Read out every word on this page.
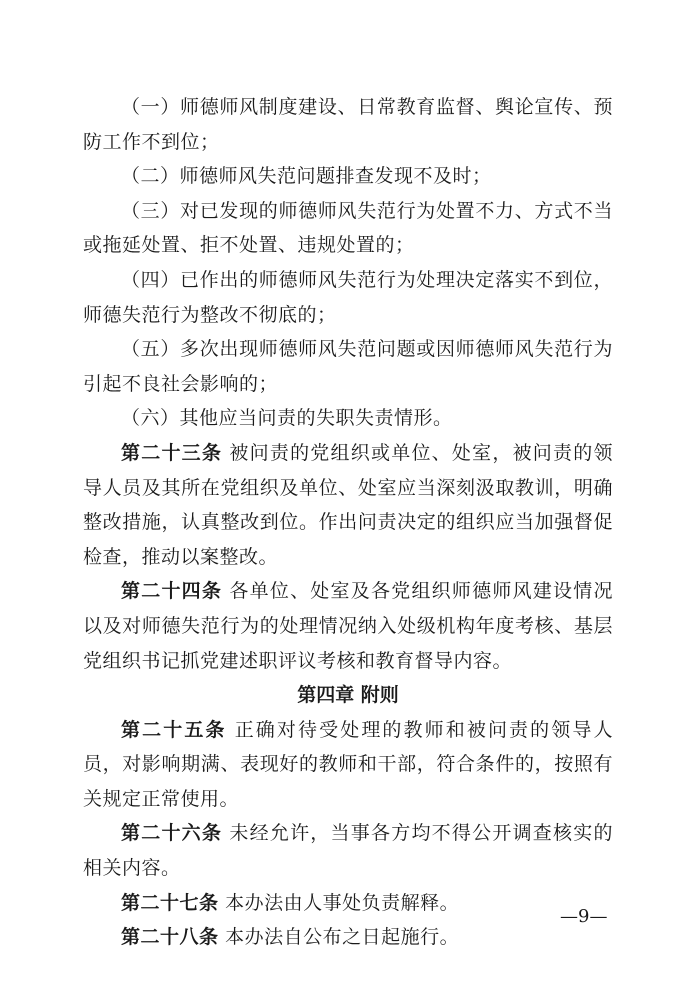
（一）师德师风制度建设、日常教育监督、舆论宣传、预防工作不到位；

（二）师德师风失范问题排查发现不及时；

（三）对已发现的师德师风失范行为处置不力、方式不当或拖延处置、拒不处置、违规处置的；

（四）已作出的师德师风失范行为处理决定落实不到位，师德失范行为整改不彻底的；

（五）多次出现师德师风失范问题或因师德师风失范行为引起不良社会影响的；

（六）其他应当问责的失职失责情形。

第二十三条 被问责的党组织或单位、处室，被问责的领导人员及其所在党组织及单位、处室应当深刻汲取教训，明确整改措施，认真整改到位。作出问责决定的组织应当加强督促检查，推动以案整改。

第二十四条 各单位、处室及各党组织师德师风建设情况以及对师德失范行为的处理情况纳入处级机构年度考核、基层党组织书记抓党建述职评议考核和教育督导内容。

第四章 附则

第二十五条 正确对待受处理的教师和被问责的领导人员，对影响期满、表现好的教师和干部，符合条件的，按照有关规定正常使用。

第二十六条 未经允许，当事各方均不得公开调查核实的相关内容。

第二十七条 本办法由人事处负责解释。

第二十八条 本办法自公布之日起施行。

—9—
